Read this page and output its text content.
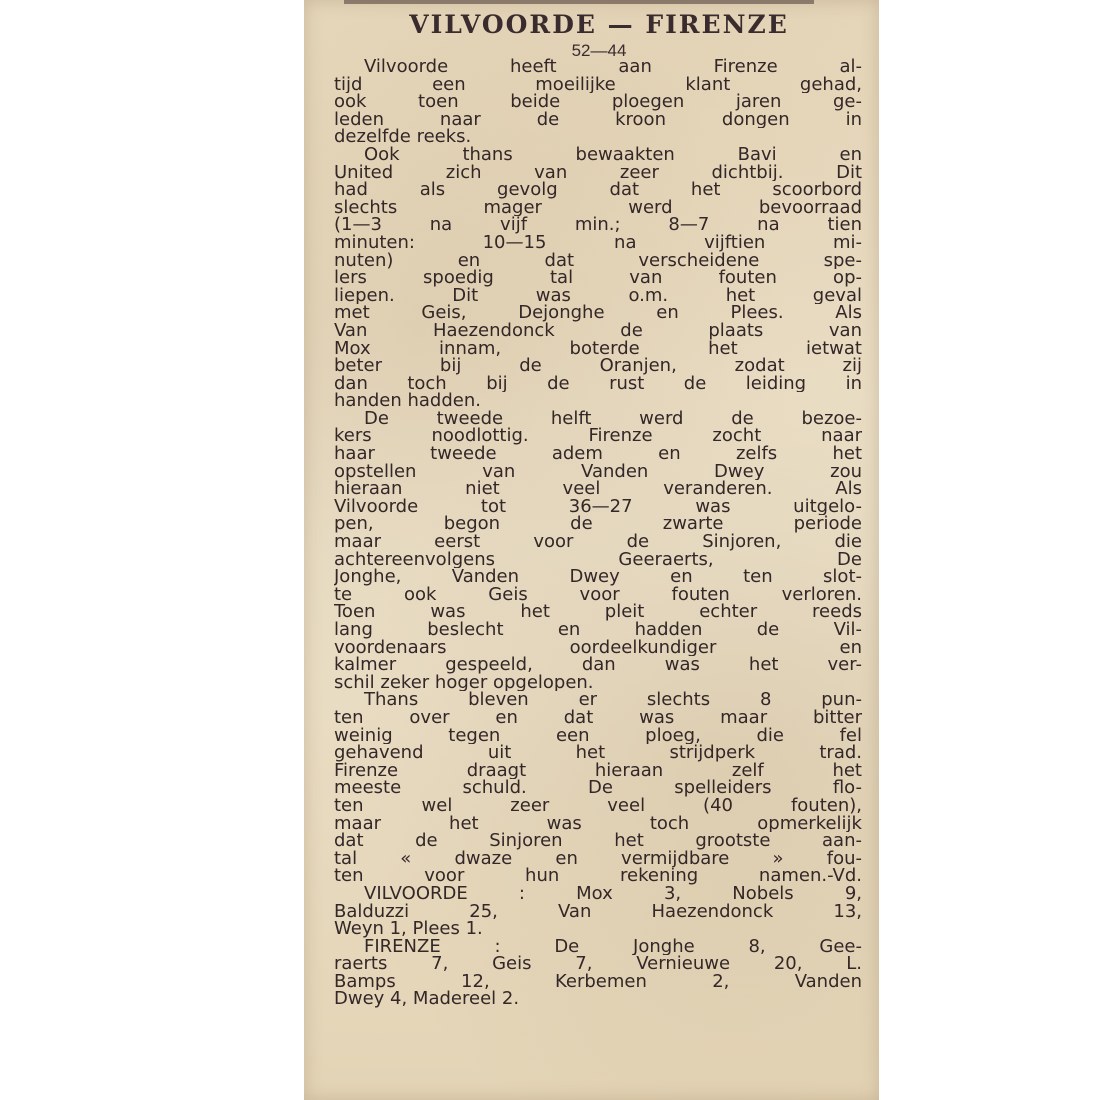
VILVOORDE — FIRENZE
52—44
Vilvoorde heeft aan Firenze al-
tijd een moeilijke klant gehad,
ook toen beide ploegen jaren ge-
leden naar de kroon dongen in
dezelfde reeks.
Ook thans bewaakten Bavi en
United zich van zeer dichtbij. Dit
had als gevolg dat het scoorbord
slechts mager werd bevoorraad
(1—3 na vijf min.; 8—7 na tien
minuten: 10—15 na vijftien mi-
nuten) en dat verscheidene spe-
lers spoedig tal van fouten op-
liepen. Dit was o.m. het geval
met Geis, Dejonghe en Plees. Als
Van Haezendonck de plaats van
Mox innam, boterde het ietwat
beter bij de Oranjen, zodat zij
dan toch bij de rust de leiding in
handen hadden.
De tweede helft werd de bezoe-
kers noodlottig. Firenze zocht naar
haar tweede adem en zelfs het
opstellen van Vanden Dwey zou
hieraan niet veel veranderen. Als
Vilvoorde tot 36—27 was uitgelo-
pen, begon de zwarte periode
maar eerst voor de Sinjoren, die
achtereenvolgens Geeraerts, De
Jonghe, Vanden Dwey en ten slot-
te ook Geis voor fouten verloren.
Toen was het pleit echter reeds
lang beslecht en hadden de Vil-
voordenaars oordeelkundiger en
kalmer gespeeld, dan was het ver-
schil zeker hoger opgelopen.
Thans bleven er slechts 8 pun-
ten over en dat was maar bitter
weinig tegen een ploeg, die fel
gehavend uit het strijdperk trad.
Firenze draagt hieraan zelf het
meeste schuld. De spelleiders flo-
ten wel zeer veel (40 fouten),
maar het was toch opmerkelijk
dat de Sinjoren het grootste aan-
tal « dwaze en vermijdbare » fou-
ten voor hun rekening namen.-Vd.
VILVOORDE : Mox 3, Nobels 9,
Balduzzi 25, Van Haezendonck 13,
Weyn 1, Plees 1.
FIRENZE : De Jonghe 8, Gee-
raerts 7, Geis 7, Vernieuwe 20, L.
Bamps 12, Kerbemen 2, Vanden
Dwey 4, Madereel 2.
